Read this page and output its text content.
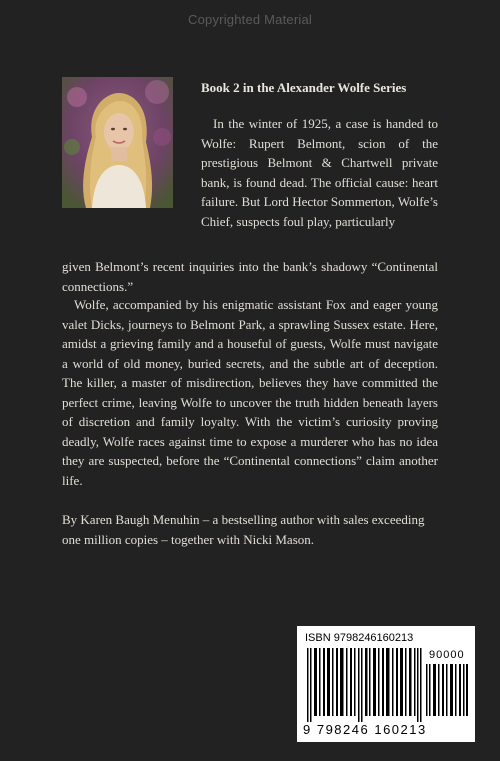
Copyrighted Material
Book 2 in the Alexander Wolfe Series

In the winter of 1925, a case is handed to Wolfe: Rupert Belmont, scion of the prestigious Belmont & Chartwell private bank, is found dead. The official cause: heart failure. But Lord Hector Sommerton, Wolfe’s Chief, suspects foul play, particularly

given Belmont’s recent inquiries into the bank’s shadowy “Continental connections.”

Wolfe, accompanied by his enigmatic assistant Fox and eager young valet Dicks, journeys to Belmont Park, a sprawling Sussex estate. Here, amidst a grieving family and a houseful of guests, Wolfe must navigate a world of old money, buried secrets, and the subtle art of deception. The killer, a master of misdirection, believes they have committed the perfect crime, leaving Wolfe to uncover the truth hidden beneath layers of discretion and family loyalty. With the victim’s curiosity proving deadly, Wolfe races against time to expose a murderer who has no idea they are suspected, before the “Continental connections” claim another life.

By Karen Baugh Menuhin – a bestselling author with sales exceeding one million copies – together with Nicki Mason.

ISBN 9798246160213
90000
9 798246 160213
